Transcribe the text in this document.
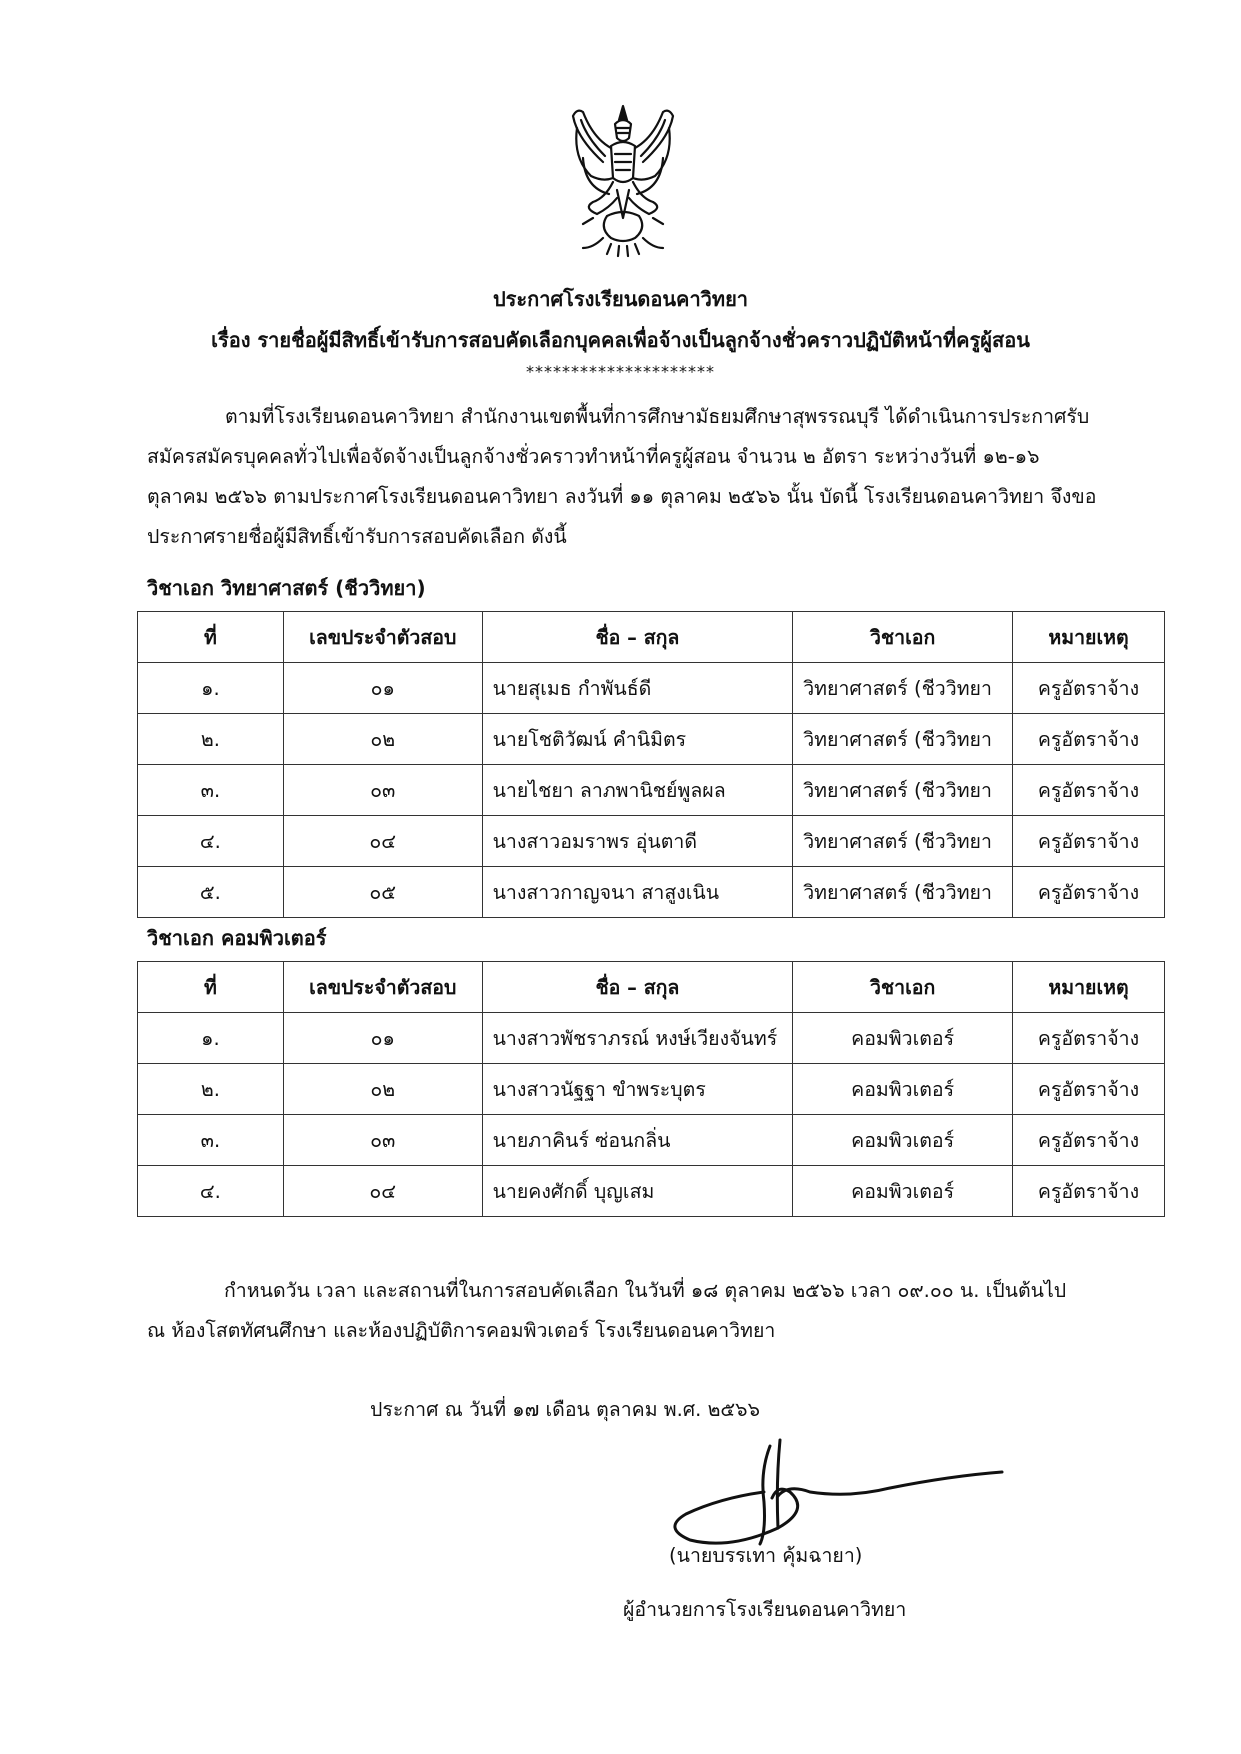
ประกาศโรงเรียนดอนคาวิทยา
เรื่อง รายชื่อผู้มีสิทธิ์เข้ารับการสอบคัดเลือกบุคคลเพื่อจ้างเป็นลูกจ้างชั่วคราวปฏิบัติหน้าที่ครูผู้สอน
*********************
ตามที่โรงเรียนดอนคาวิทยา สำนักงานเขตพื้นที่การศึกษามัธยมศึกษาสุพรรณบุรี ได้ดำเนินการประกาศรับสมัครสมัครบุคคลทั่วไปเพื่อจัดจ้างเป็นลูกจ้างชั่วคราวทำหน้าที่ครูผู้สอน จำนวน ๒ อัตรา ระหว่างวันที่ ๑๒-๑๖ ตุลาคม ๒๕๖๖ ตามประกาศโรงเรียนดอนคาวิทยา ลงวันที่ ๑๑ ตุลาคม ๒๕๖๖ นั้น บัดนี้ โรงเรียนดอนคาวิทยา จึงขอประกาศรายชื่อผู้มีสิทธิ์เข้ารับการสอบคัดเลือก ดังนี้
วิชาเอก วิทยาศาสตร์ (ชีววิทยา)
ที่	เลขประจำตัวสอบ	ชื่อ – สกุล	วิชาเอก	หมายเหตุ
๑.	๐๑	นายสุเมธ กำพันธ์ดี	วิทยาศาสตร์ (ชีววิทยา	ครูอัตราจ้าง
๒.	๐๒	นายโชติวัฒน์ คำนิมิตร	วิทยาศาสตร์ (ชีววิทยา	ครูอัตราจ้าง
๓.	๐๓	นายไชยา ลาภพานิชย์พูลผล	วิทยาศาสตร์ (ชีววิทยา	ครูอัตราจ้าง
๔.	๐๔	นางสาวอมราพร อุ่นตาดี	วิทยาศาสตร์ (ชีววิทยา	ครูอัตราจ้าง
๕.	๐๕	นางสาวกาญจนา สาสูงเนิน	วิทยาศาสตร์ (ชีววิทยา	ครูอัตราจ้าง
วิชาเอก คอมพิวเตอร์
ที่	เลขประจำตัวสอบ	ชื่อ – สกุล	วิชาเอก	หมายเหตุ
๑.	๐๑	นางสาวพัชราภรณ์ หงษ์เวียงจันทร์	คอมพิวเตอร์	ครูอัตราจ้าง
๒.	๐๒	นางสาวนัฐฐา ขำพระบุตร	คอมพิวเตอร์	ครูอัตราจ้าง
๓.	๐๓	นายภาคินร์ ซ่อนกลิ่น	คอมพิวเตอร์	ครูอัตราจ้าง
๔.	๐๔	นายคงศักดิ์ บุญเสม	คอมพิวเตอร์	ครูอัตราจ้าง
กำหนดวัน เวลา และสถานที่ในการสอบคัดเลือก ในวันที่ ๑๘ ตุลาคม ๒๕๖๖ เวลา ๐๙.๐๐ น. เป็นต้นไป
ณ ห้องโสตทัศนศึกษา และห้องปฏิบัติการคอมพิวเตอร์ โรงเรียนดอนคาวิทยา
ประกาศ ณ วันที่ ๑๗ เดือน ตุลาคม พ.ศ. ๒๕๖๖
(นายบรรเทา คุ้มฉายา)
ผู้อำนวยการโรงเรียนดอนคาวิทยา
